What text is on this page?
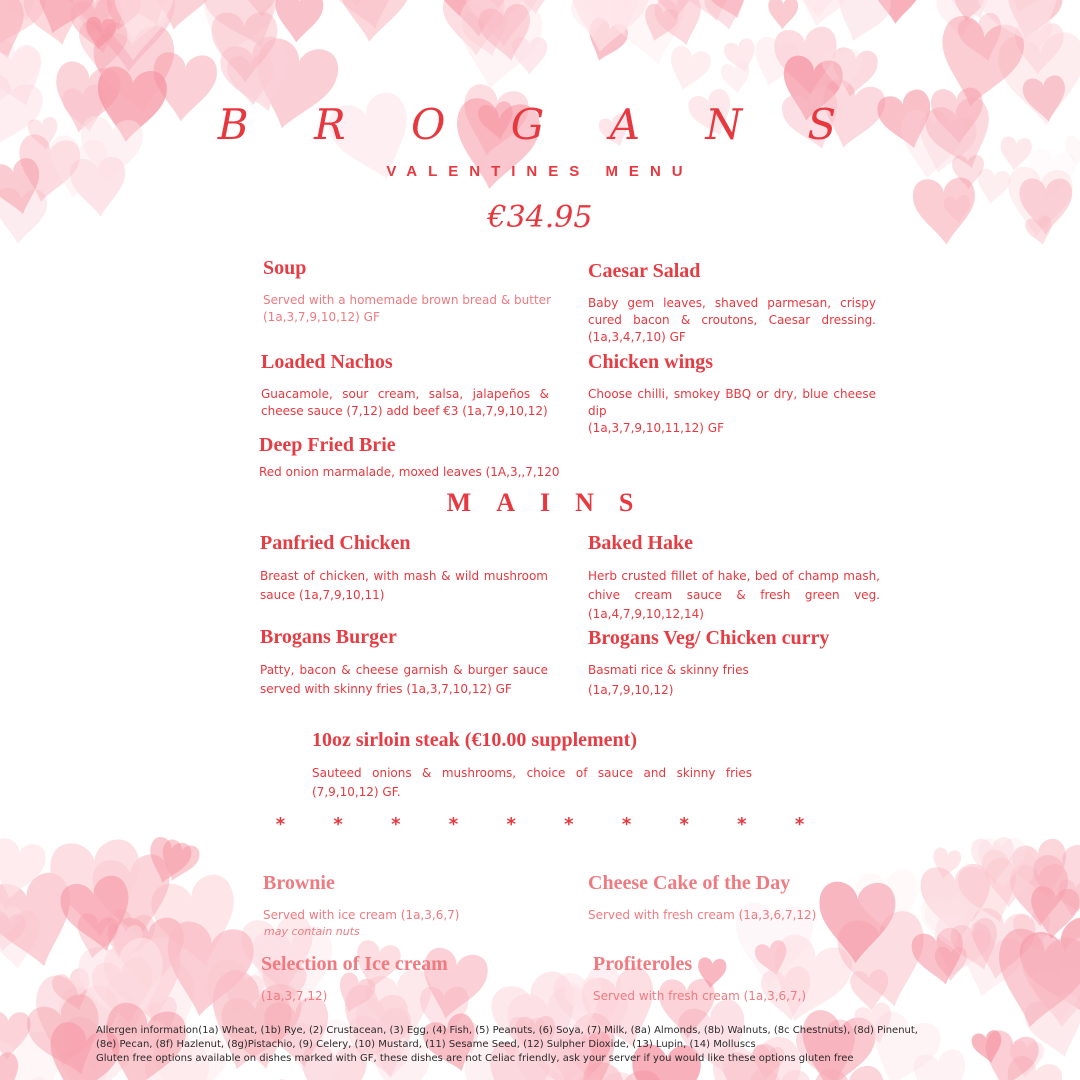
B R O G A N S
VALENTINES MENU
€34.95
Soup
Served with a homemade brown bread & butter (1a,3,7,9,10,12) GF
Caesar Salad
Baby gem leaves, shaved parmesan, crispy cured bacon & croutons, Caesar dressing. (1a,3,4,7,10) GF
Loaded Nachos
Guacamole, sour cream, salsa, jalapeños & cheese sauce (7,12) add beef €3 (1a,7,9,10,12)
Chicken wings
Choose chilli, smokey BBQ or dry, blue cheese dip
(1a,3,7,9,10,11,12) GF
Deep Fried Brie
Red onion marmalade, moxed leaves (1A,3,,7,120
MAINS
Panfried Chicken
Breast of chicken, with mash & wild mushroom sauce (1a,7,9,10,11)
Baked Hake
Herb crusted fillet of hake, bed of champ mash, chive cream sauce & fresh green veg. (1a,4,7,9,10,12,14)
Brogans Burger
Patty, bacon & cheese garnish & burger sauce served with skinny fries (1a,3,7,10,12) GF
Brogans Veg/ Chicken curry
Basmati rice & skinny fries
(1a,7,9,10,12)
10oz sirloin steak (€10.00 supplement)
Sauteed onions & mushrooms, choice of sauce and skinny fries (7,9,10,12) GF.
* * * * * * * * * *
Brownie
Served with ice cream (1a,3,6,7)
may contain nuts
Cheese Cake of the Day
Served with fresh cream (1a,3,6,7,12)
Selection of Ice cream
(1a,3,7,12)
Profiteroles
Served with fresh cream (1a,3,6,7,)
Allergen information(1a) Wheat, (1b) Rye, (2) Crustacean, (3) Egg, (4) Fish, (5) Peanuts, (6) Soya, (7) Milk, (8a) Almonds, (8b) Walnuts, (8c Chestnuts), (8d) Pinenut,
(8e) Pecan, (8f) Hazlenut, (8g)Pistachio, (9) Celery, (10) Mustard, (11) Sesame Seed, (12) Sulpher Dioxide, (13) Lupin, (14) Molluscs
Gluten free options available on dishes marked with GF, these dishes are not Celiac friendly, ask your server if you would like these options gluten free
